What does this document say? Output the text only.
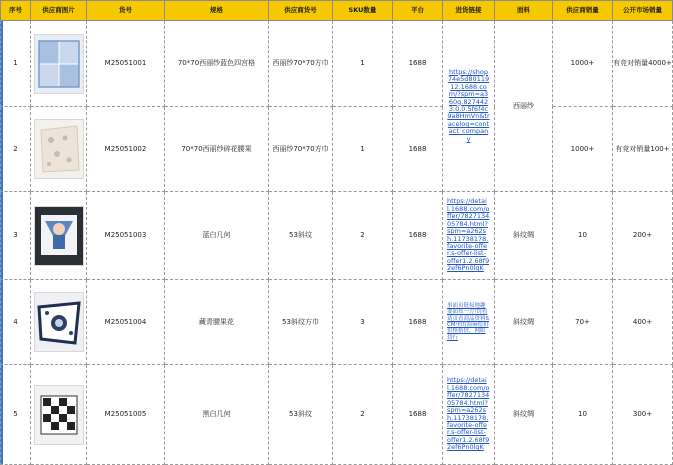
序号	供应商图片	货号	规格	供应商货号	SKU数量	平台	进货链接	面料	供应商销量	公开市场销量
1		M25051001	70*70西丽纱蓝色四宫格	西丽纱70*70方巾	1	1688	https://shop74e5d8011912.1688.com/?spm=a360g.8274423.0.0.5f6f4c9a8HmVn&tracelog=contact_company	西丽纱	1000+	有竞对销量4000+
2		M25051002	70*70西丽纱碎花腰果	西丽纱70*70方巾	1	1688			1000+	有竞对销量100+
3		M25051003	蓝白几何	53斜纹	2	1688	https://detail.1688.com/offer/782713405784.html?spm=a262sh.11738178.favorite-offer.s-offer-list-offer1.2.68f92ef6Pn0lqK	斜纹绸	10	200+
4		M25051004	藏青腰果花	53斜纹方巾	3	1688	事面页链接地趣要面布一方巾|看请页看商品资料SCM里的海麻绘价价格格价，网眼切行	斜纹绸	70+	400+
5		M25051005	黑白几何	53斜纹	2	1688	https://detail.1688.com/offer/782713405784.html?spm=a262sh.11738178.favorite-offer.s-offer-list-offer1.2.68f92ef6Pn0lqK	斜纹绸	10	300+
